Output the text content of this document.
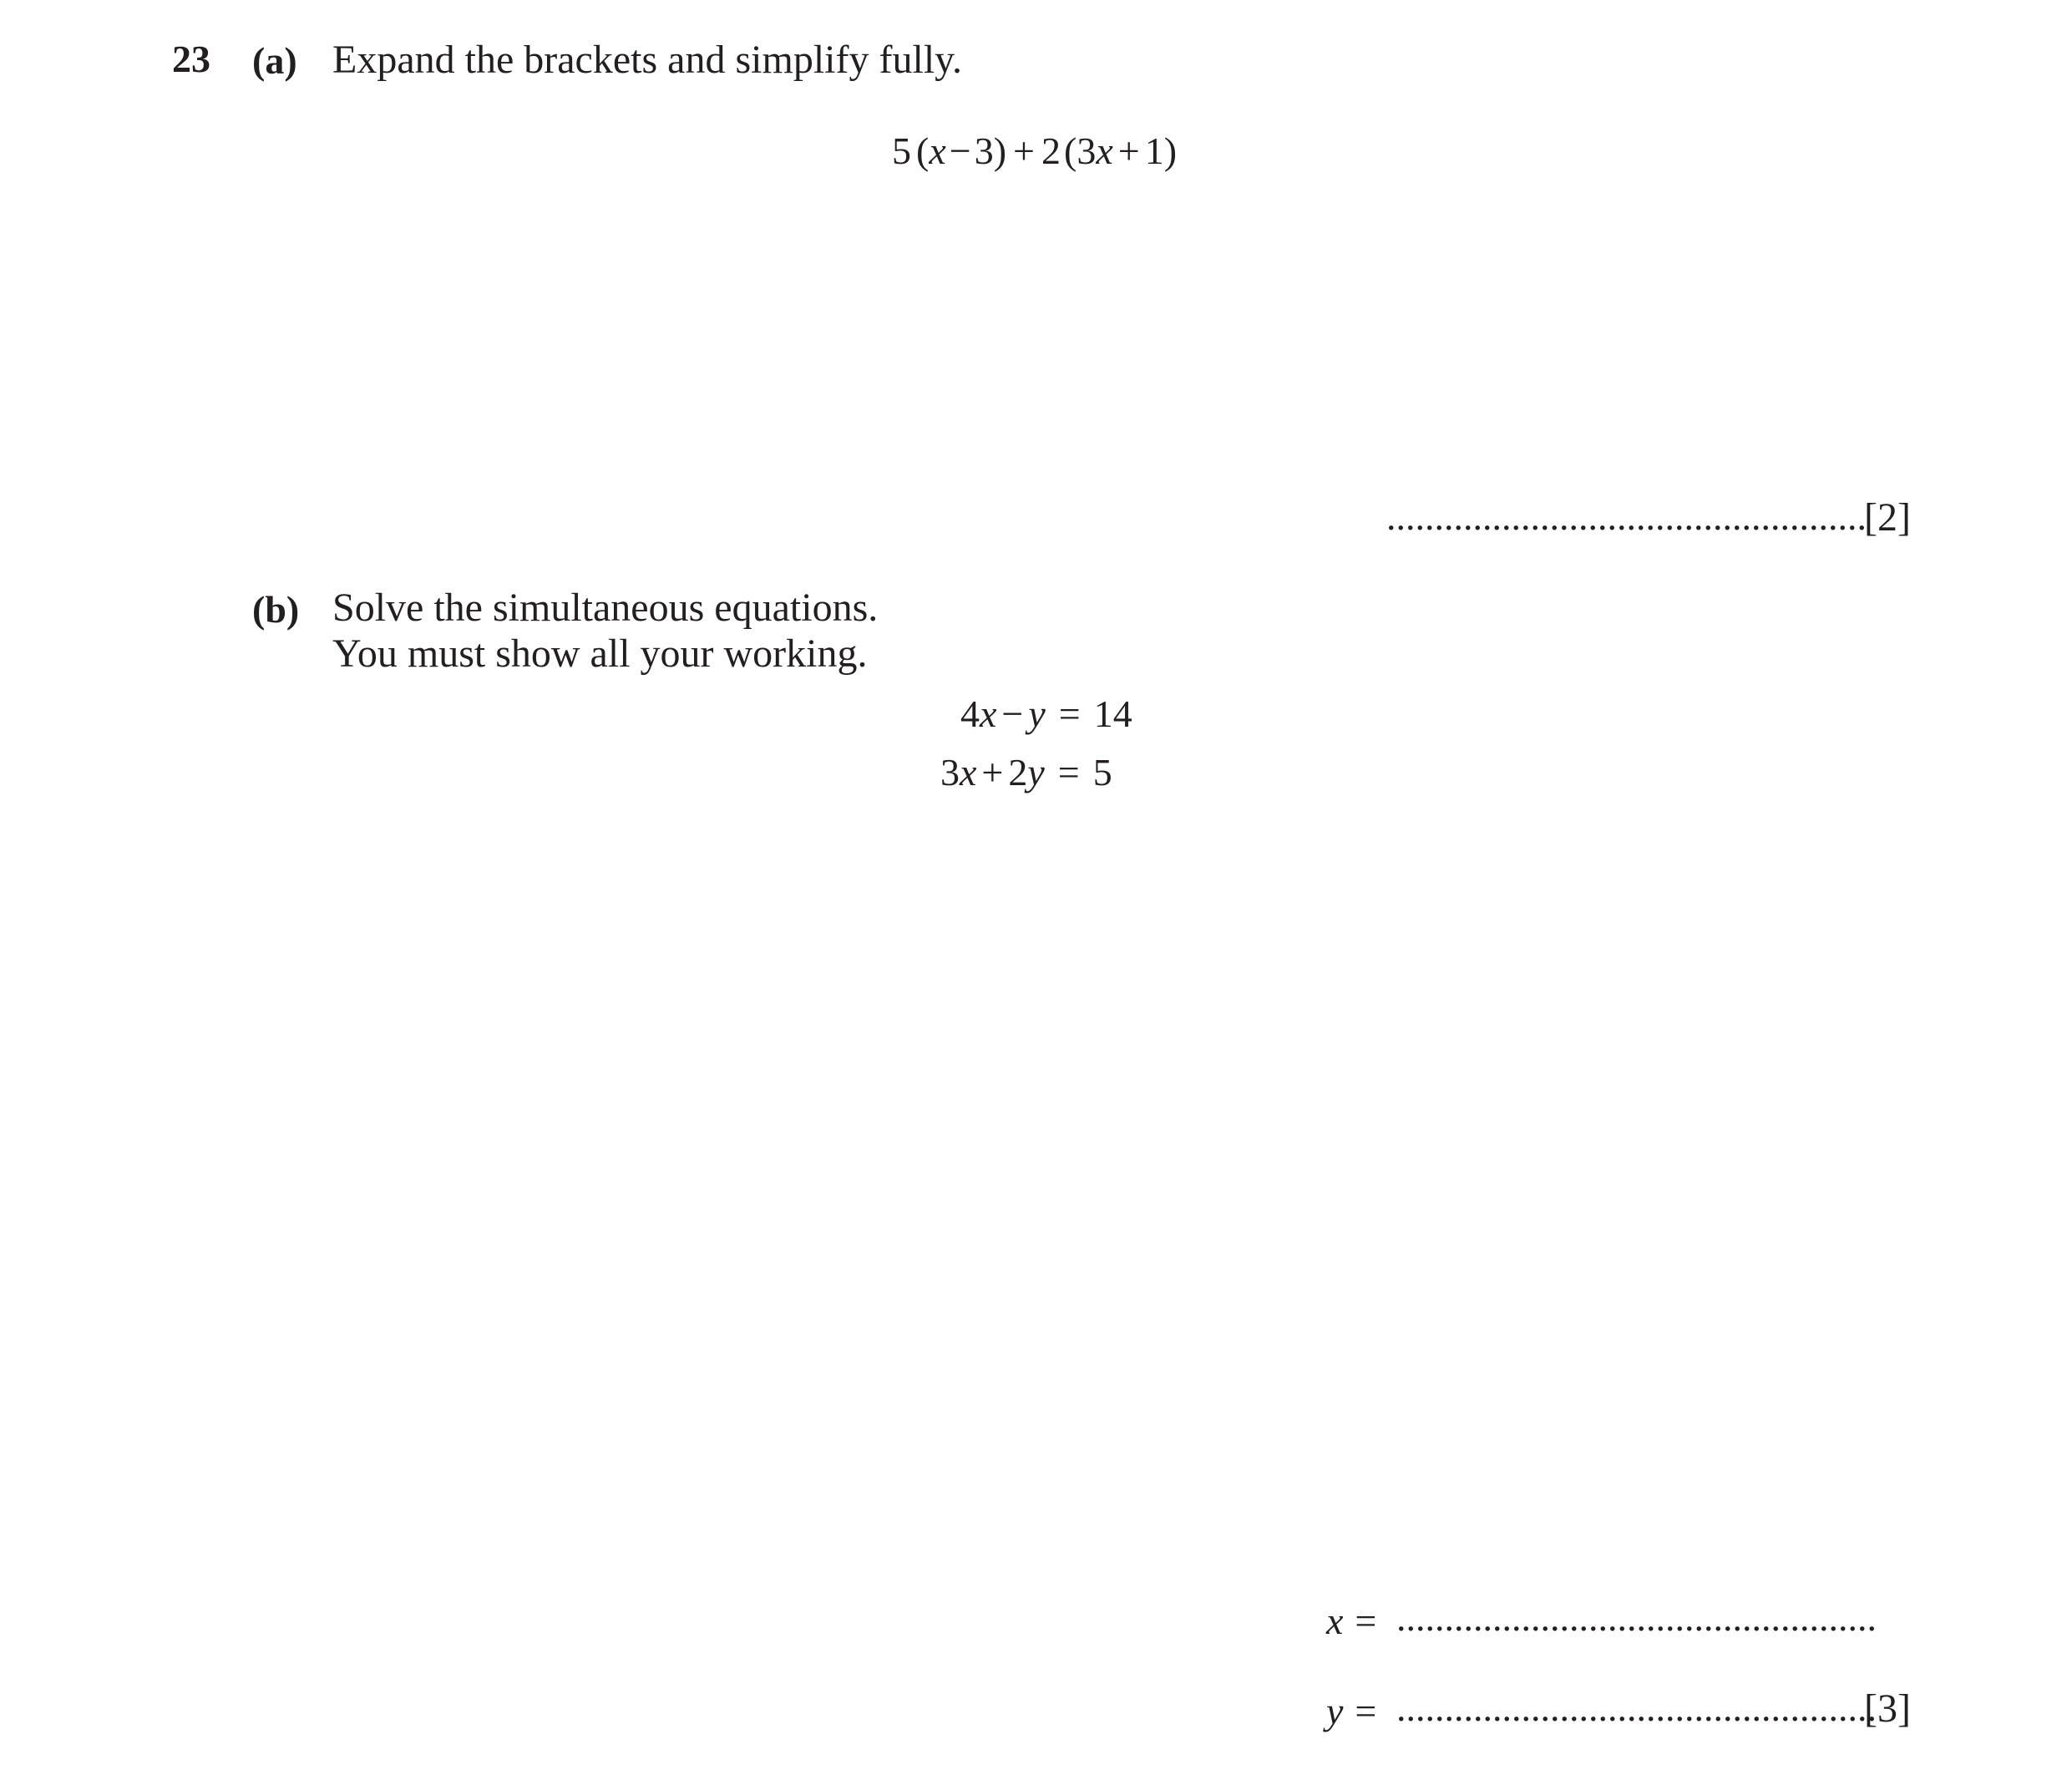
23 (a) Expand the brackets and simplify fully.
5 (x−3) + 2(3x + 1)
..................................................
[2]
(b) Solve the simultaneous equations.
You must show all your working.
4x − y = 14
3x + 2y = 5
x = ..................................................
y = ..................................................
[3]
